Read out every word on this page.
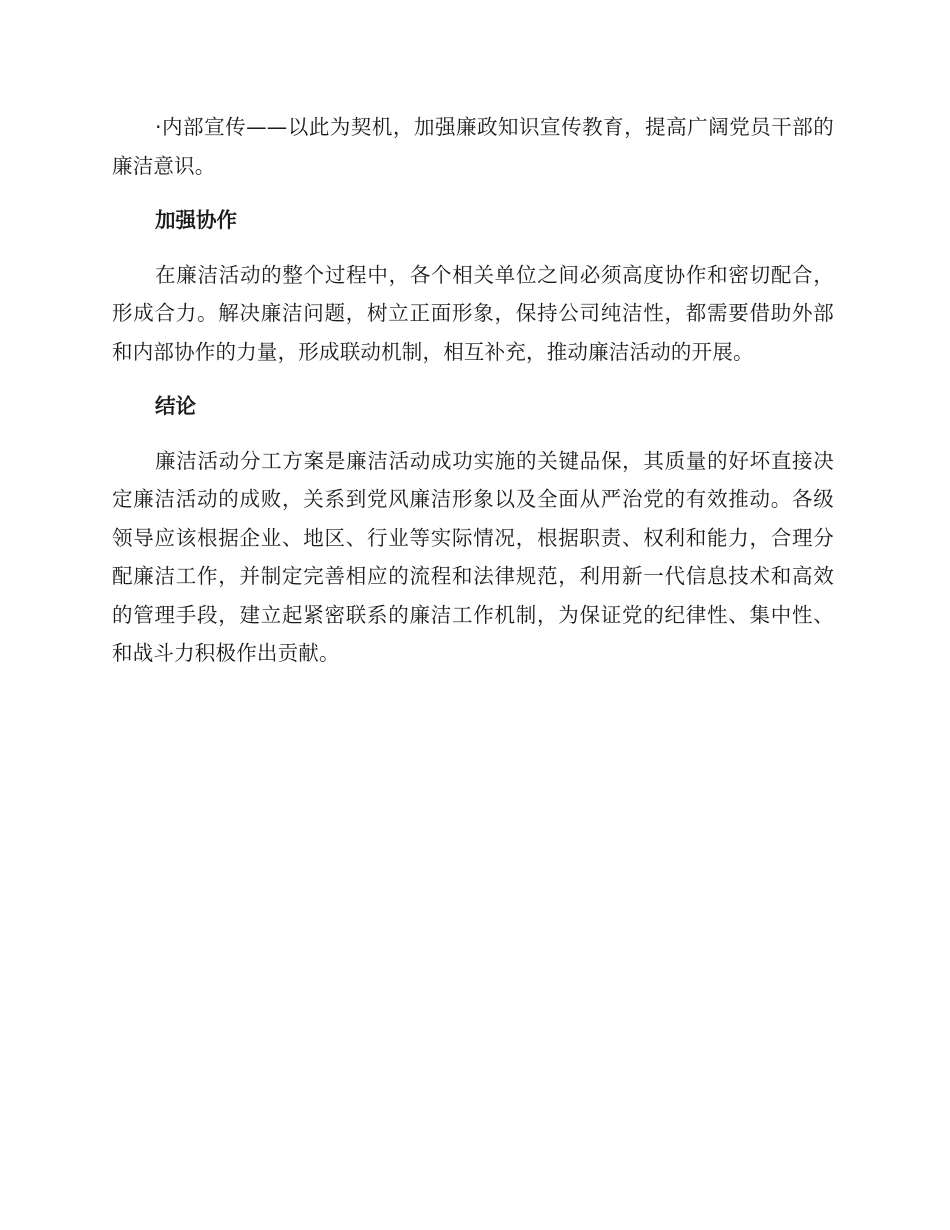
·内部宣传——以此为契机，加强廉政知识宣传教育，提高广阔党员干部的廉洁意识。

加强协作

在廉洁活动的整个过程中，各个相关单位之间必须高度协作和密切配合，形成合力。解决廉洁问题，树立正面形象，保持公司纯洁性，都需要借助外部和内部协作的力量，形成联动机制，相互补充，推动廉洁活动的开展。

结论

廉洁活动分工方案是廉洁活动成功实施的关键品保，其质量的好坏直接决定廉洁活动的成败，关系到党风廉洁形象以及全面从严治党的有效推动。各级领导应该根据企业、地区、行业等实际情况，根据职责、权利和能力，合理分配廉洁工作，并制定完善相应的流程和法律规范，利用新一代信息技术和高效的管理手段，建立起紧密联系的廉洁工作机制，为保证党的纪律性、集中性、和战斗力积极作出贡献。
